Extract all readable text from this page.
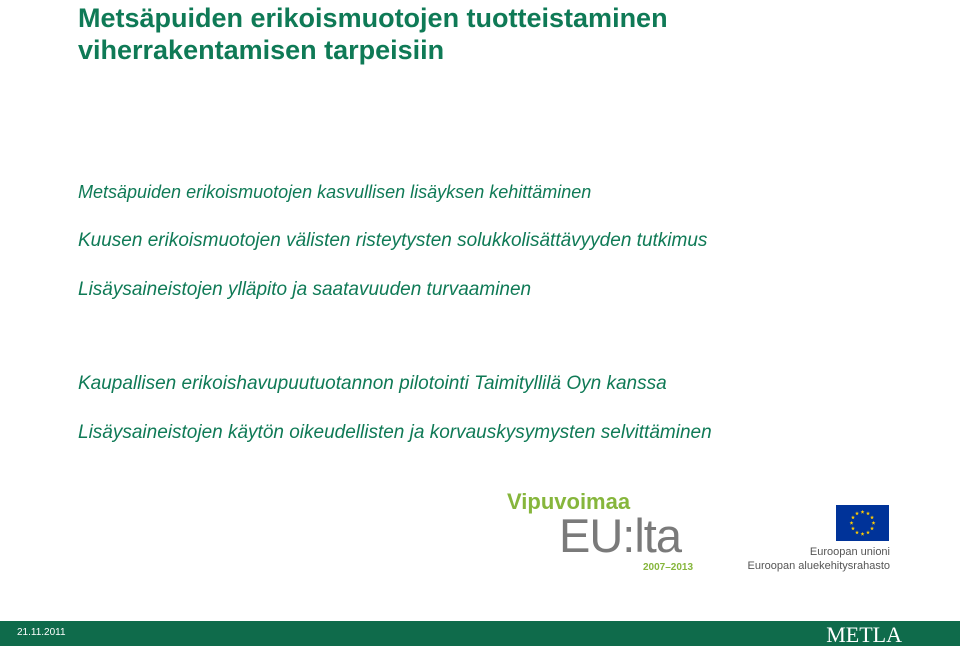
Metsäpuiden erikoismuotojen tuotteistaminen
viherrakentamisen tarpeisiin

Metsäpuiden erikoismuotojen kasvullisen lisäyksen kehittäminen

Kuusen erikoismuotojen välisten risteytysten solukkolisättävyyden tutkimus

Lisäysaineistojen ylläpito ja saatavuuden turvaaminen

Kaupallisen erikoishavupuutuotannon pilotointi Taimityllilä Oyn kanssa

Lisäysaineistojen käytön oikeudellisten ja korvauskysymysten selvittäminen

Vipuvoimaa
EU:lta
2007–2013
Euroopan unioni
Euroopan aluekehitysrahasto
21.11.2011	METLA
